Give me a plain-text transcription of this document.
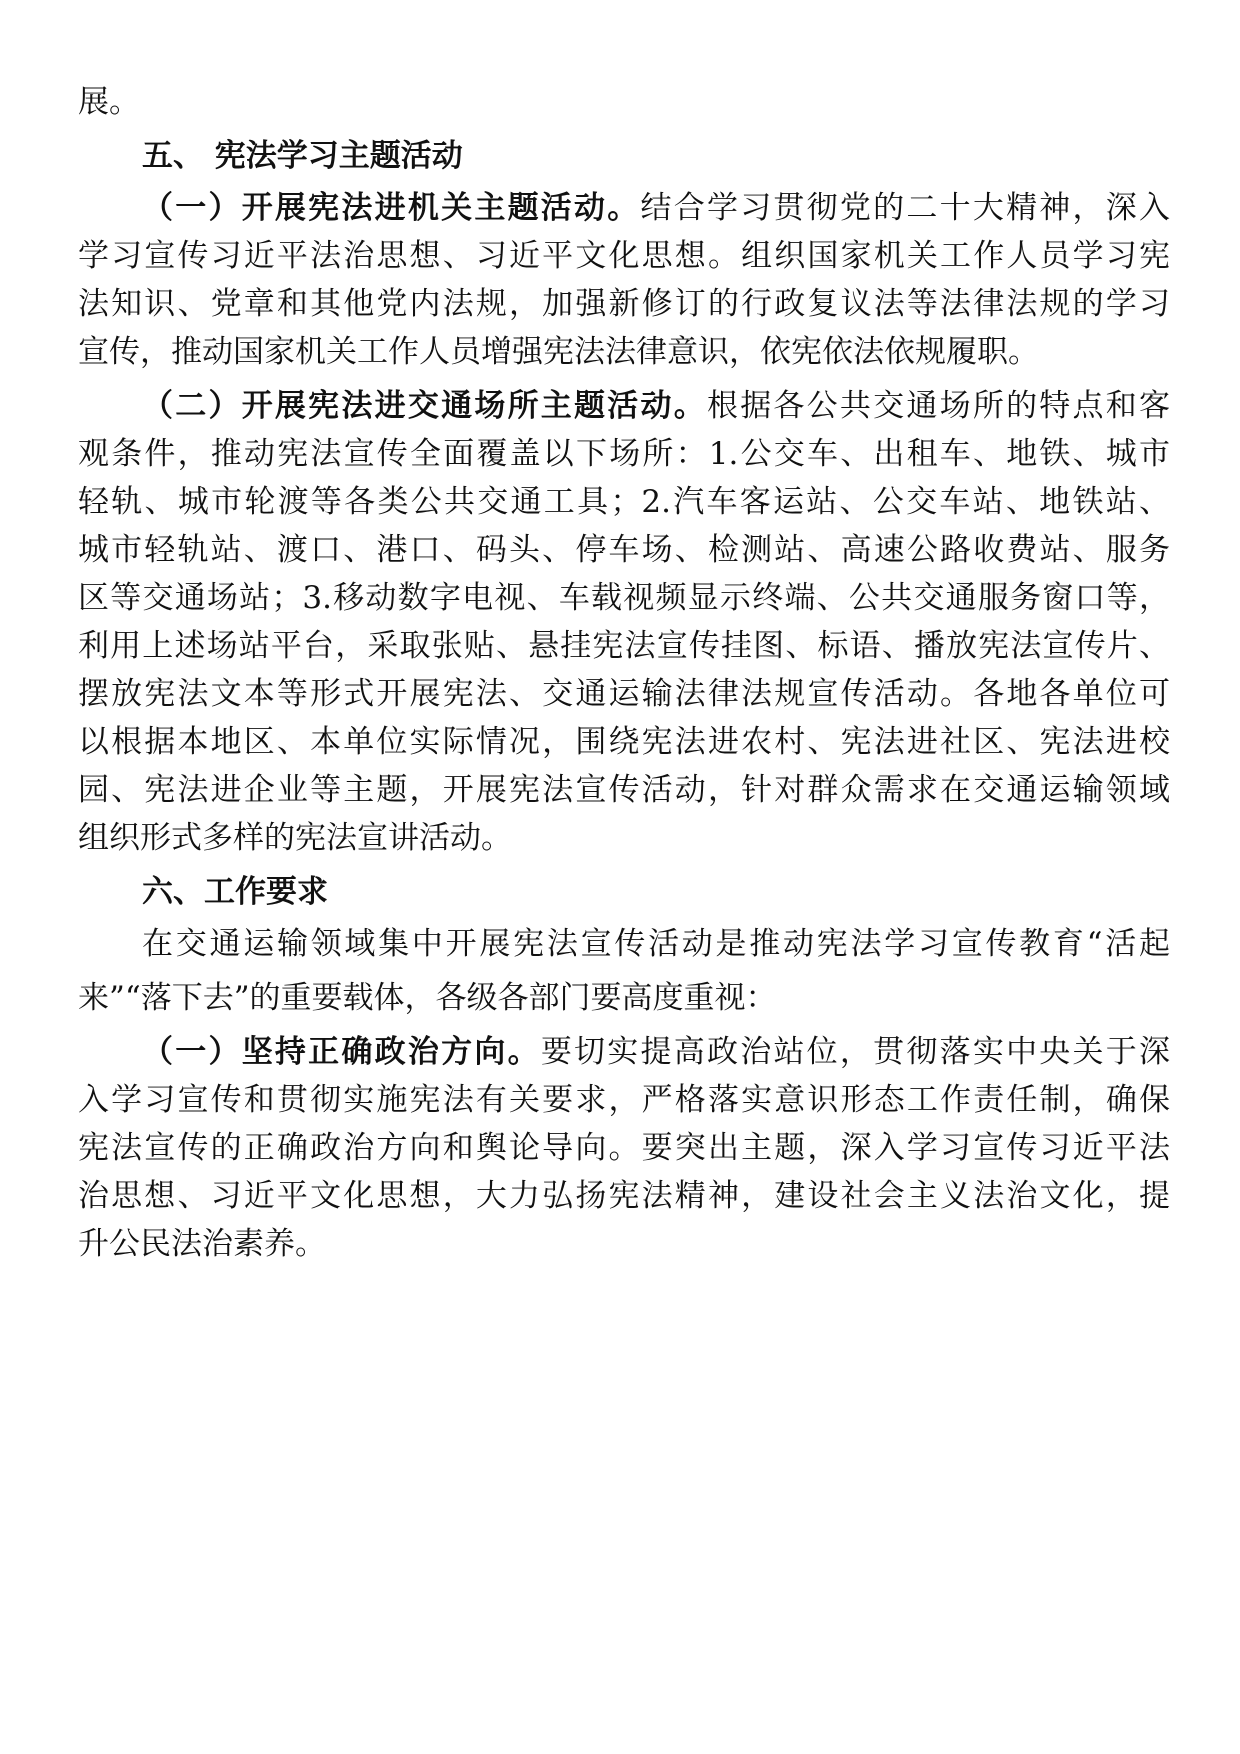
展。

五、 宪法学习主题活动

（一）开展宪法进机关主题活动。结合学习贯彻党的二十大精神，深入

学习宣传习近平法治思想、习近平文化思想。组织国家机关工作人员学习宪

法知识、党章和其他党内法规，加强新修订的行政复议法等法律法规的学习

宣传，推动国家机关工作人员增强宪法法律意识，依宪依法依规履职。

（二）开展宪法进交通场所主题活动。根据各公共交通场所的特点和客

观条件，推动宪法宣传全面覆盖以下场所：1.公交车、出租车、地铁、城市

轻轨、城市轮渡等各类公共交通工具；2.汽车客运站、公交车站、地铁站、

城市轻轨站、渡口、港口、码头、停车场、检测站、高速公路收费站、服务

区等交通场站；3.移动数字电视、车载视频显示终端、公共交通服务窗口等，

利用上述场站平台，采取张贴、悬挂宪法宣传挂图、标语、播放宪法宣传片、

摆放宪法文本等形式开展宪法、交通运输法律法规宣传活动。各地各单位可

以根据本地区、本单位实际情况，围绕宪法进农村、宪法进社区、宪法进校

园、宪法进企业等主题，开展宪法宣传活动，针对群众需求在交通运输领域

组织形式多样的宪法宣讲活动。

六、工作要求

在交通运输领域集中开展宪法宣传活动是推动宪法学习宣传教育“活起

来”“落下去”的重要载体，各级各部门要高度重视：

（一）坚持正确政治方向。要切实提高政治站位，贯彻落实中央关于深

入学习宣传和贯彻实施宪法有关要求，严格落实意识形态工作责任制，确保

宪法宣传的正确政治方向和舆论导向。要突出主题，深入学习宣传习近平法

治思想、习近平文化思想，大力弘扬宪法精神，建设社会主义法治文化，提

升公民法治素养。
